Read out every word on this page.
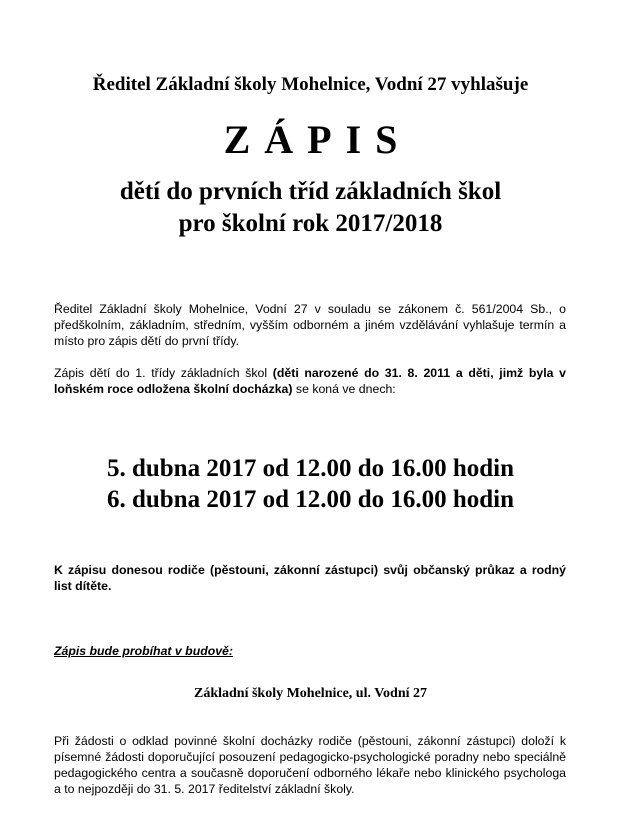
Ředitel Základní školy Mohelnice, Vodní 27 vyhlašuje
ZÁPIS
dětí do prvních tříd základních škol
pro školní rok 2017/2018
Ředitel Základní školy Mohelnice, Vodní 27 v souladu se zákonem č. 561/2004 Sb., o předškolním, základním, středním, vyšším odborném a jiném vzdělávání vyhlašuje termín a místo pro zápis dětí do první třídy.
Zápis dětí do 1. třídy základních škol (děti narozené do 31. 8. 2011 a děti, jimž byla v loňském roce odložena školní docházka) se koná ve dnech:
5. dubna 2017 od 12.00 do 16.00 hodin
6. dubna 2017 od 12.00 do 16.00 hodin
K zápisu donesou rodiče (pěstouni, zákonní zástupci) svůj občanský průkaz a rodný list dítěte.
Zápis bude probíhat v budově:
Základní školy Mohelnice, ul. Vodní 27
Při žádosti o odklad povinné školní docházky rodiče (pěstouni, zákonní zástupci) doloží k písemné žádosti doporučující posouzení pedagogicko-psychologické poradny nebo speciálně pedagogického centra a současně doporučení odborného lékaře nebo klinického psychologa a to nejpozději do 31. 5. 2017 ředitelství základní školy.
